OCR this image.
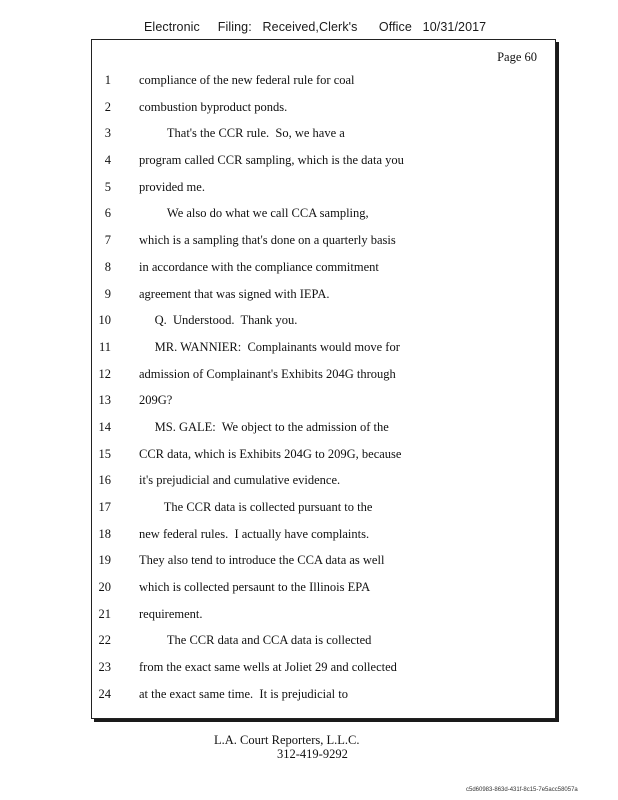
Electronic     Filing:   Received,Clerk's      Office   10/31/2017
Page 60
1 compliance of the new federal rule for coal
2 combustion byproduct ponds.
3 That's the CCR rule.  So, we have a
4 program called CCR sampling, which is the data you
5 provided me.
6 We also do what we call CCA sampling,
7 which is a sampling that's done on a quarterly basis
8 in accordance with the compliance commitment
9 agreement that was signed with IEPA.
10 Q.  Understood.  Thank you.
11 MR. WANNIER:  Complainants would move for
12 admission of Complainant's Exhibits 204G through
13 209G?
14 MS. GALE:  We object to the admission of the
15 CCR data, which is Exhibits 204G to 209G, because
16 it's prejudicial and cumulative evidence.
17 The CCR data is collected pursuant to the
18 new federal rules.  I actually have complaints.
19 They also tend to introduce the CCA data as well
20 which is collected persaunt to the Illinois EPA
21 requirement.
22 The CCR data and CCA data is collected
23 from the exact same wells at Joliet 29 and collected
24 at the exact same time.  It is prejudicial to
L.A. Court Reporters, L.L.C.
312-419-9292
c5d60983-863d-431f-8c15-7e5acc58057a
